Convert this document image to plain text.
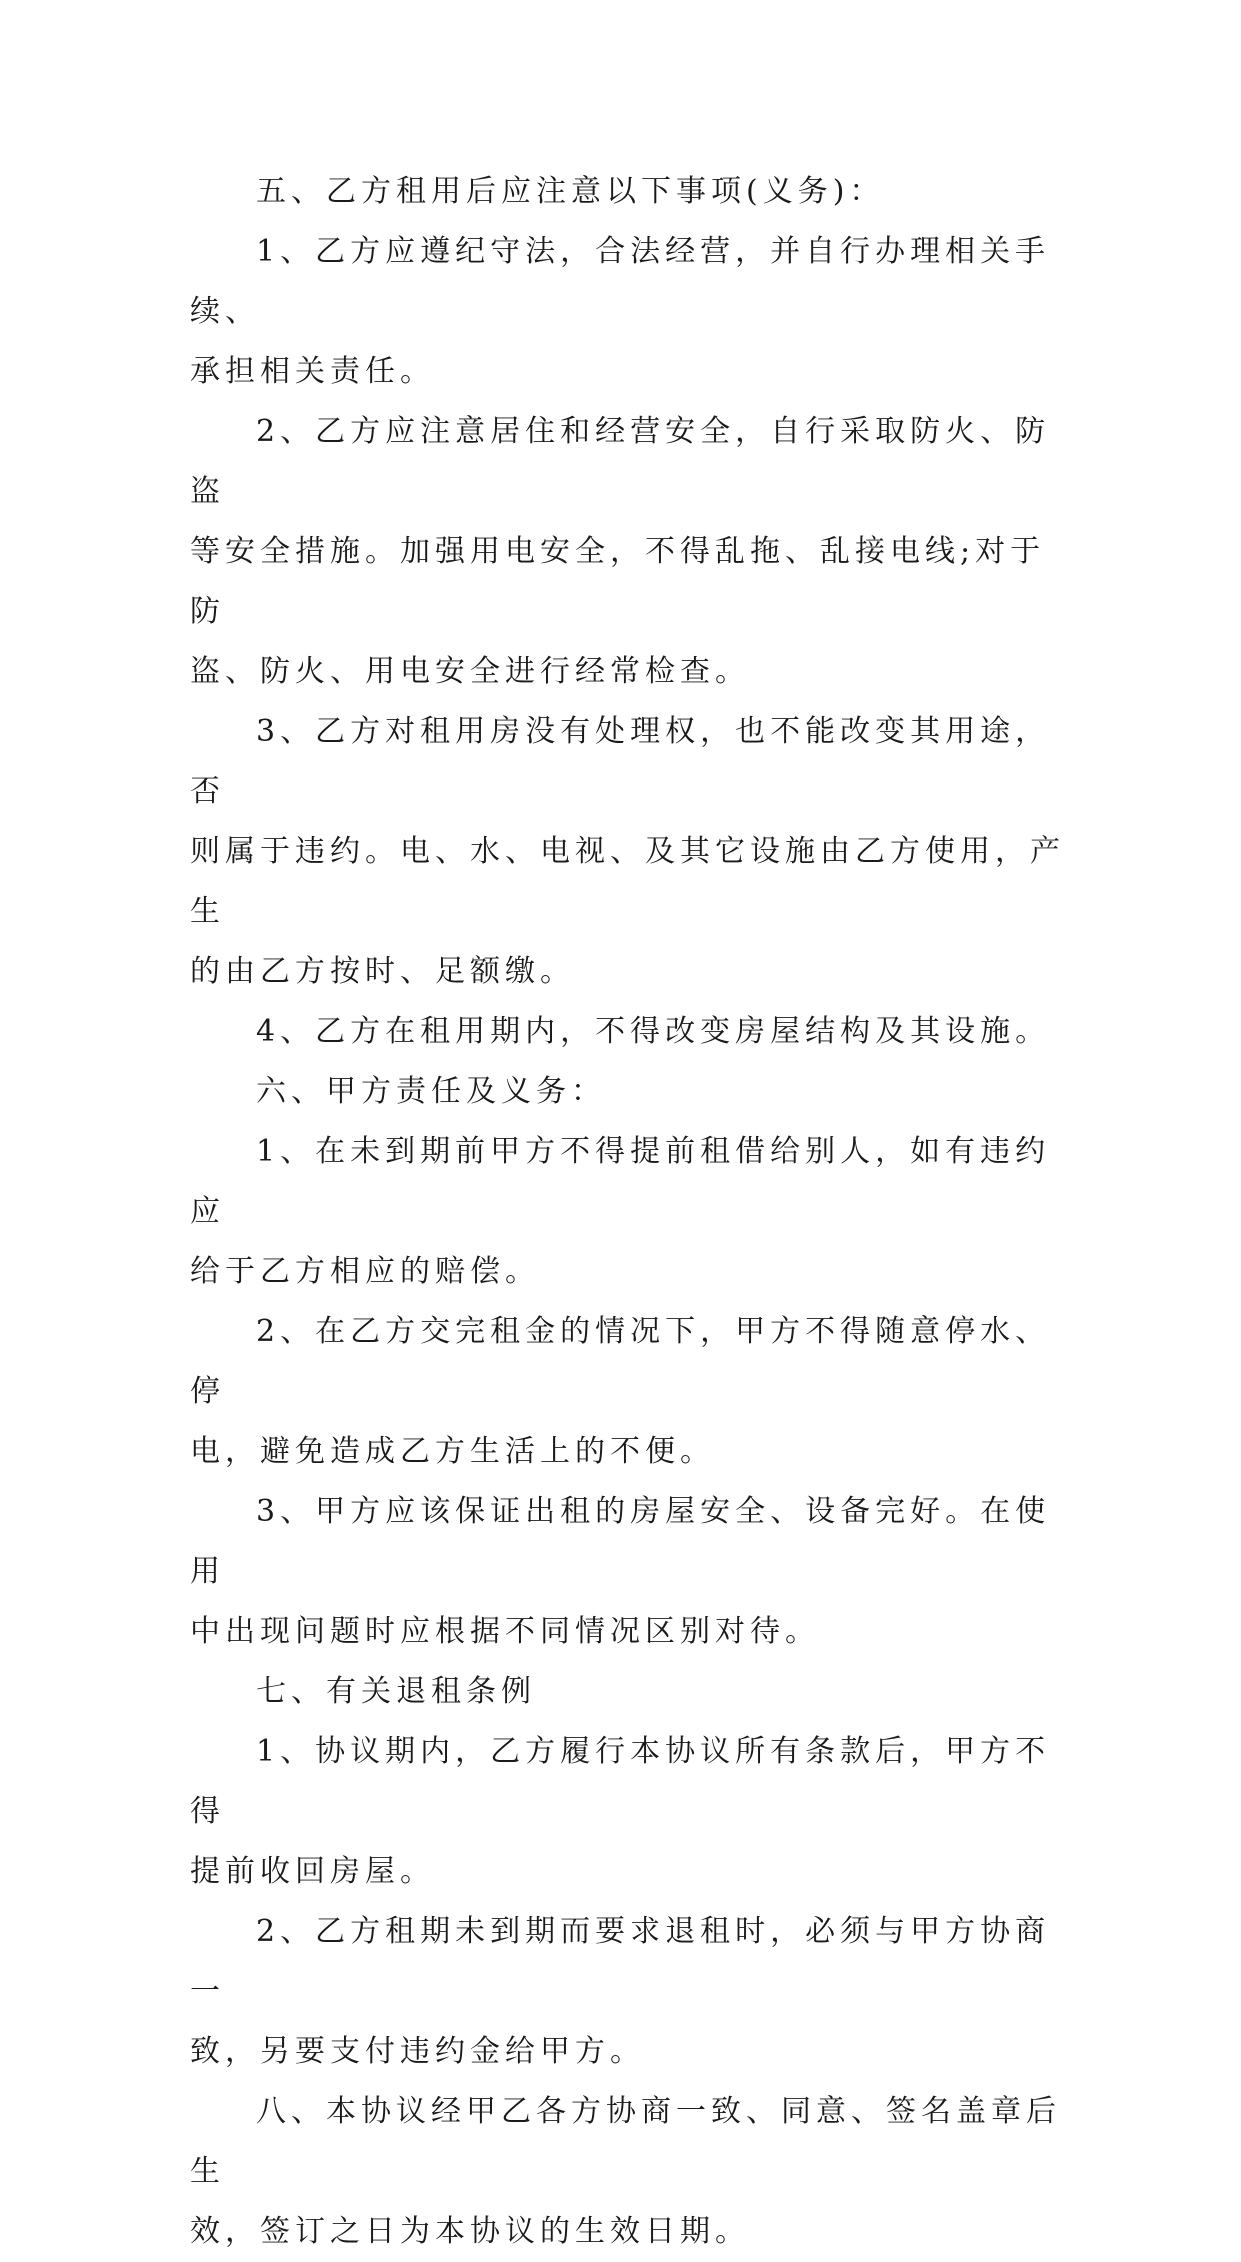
五、乙方租用后应注意以下事项(义务)：

1、乙方应遵纪守法，合法经营，并自行办理相关手续、
承担相关责任。

2、乙方应注意居住和经营安全，自行采取防火、防盗
等安全措施。加强用电安全，不得乱拖、乱接电线;对于防
盗、防火、用电安全进行经常检查。

3、乙方对租用房没有处理权，也不能改变其用途，否
则属于违约。电、水、电视、及其它设施由乙方使用，产生
的由乙方按时、足额缴。

4、乙方在租用期内，不得改变房屋结构及其设施。

六、甲方责任及义务：

1、在未到期前甲方不得提前租借给别人，如有违约应
给于乙方相应的赔偿。

2、在乙方交完租金的情况下，甲方不得随意停水、停
电，避免造成乙方生活上的不便。

3、甲方应该保证出租的房屋安全、设备完好。在使用
中出现问题时应根据不同情况区别对待。

七、有关退租条例

1、协议期内，乙方履行本协议所有条款后，甲方不得
提前收回房屋。

2、乙方租期未到期而要求退租时，必须与甲方协商一
致，另要支付违约金给甲方。

八、本协议经甲乙各方协商一致、同意、签名盖章后生
效，签订之日为本协议的生效日期。
